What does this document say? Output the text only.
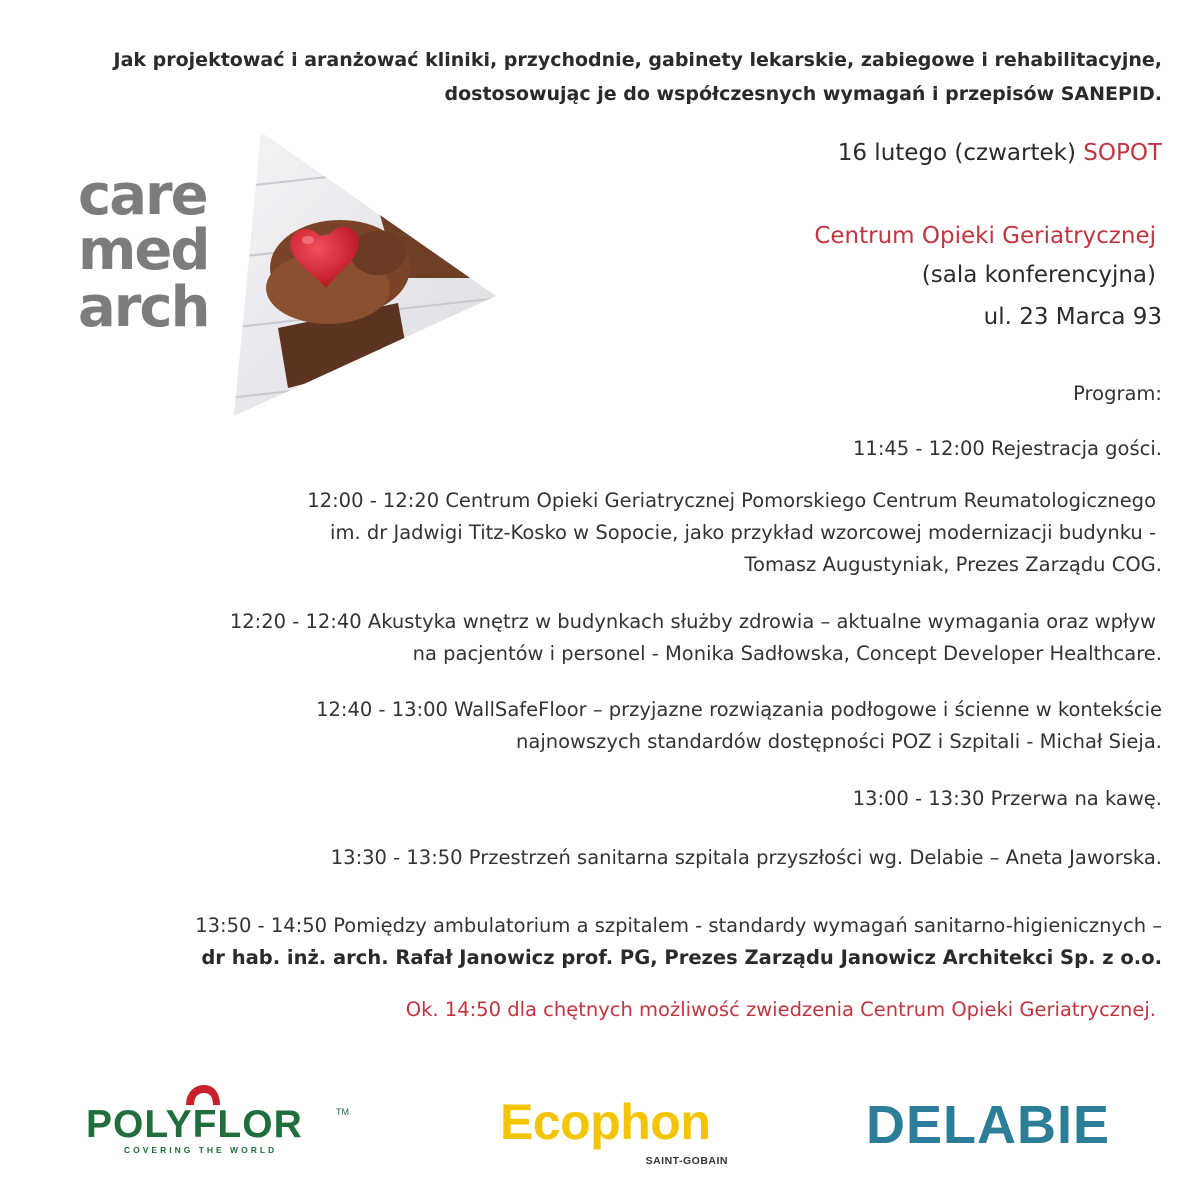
Jak projektować i aranżować kliniki, przychodnie, gabinety lekarskie, zabiegowe i rehabilitacyjne,
dostosowując je do współczesnych wymagań i przepisów SANEPID.
16 lutego (czwartek) SOPOT
Centrum Opieki Geriatrycznej
(sala konferencyjna)
ul. 23 Marca 93
care
med
arch
Program:
11:45 - 12:00 Rejestracja gości.
12:00 - 12:20 Centrum Opieki Geriatrycznej Pomorskiego Centrum Reumatologicznego
im. dr Jadwigi Titz-Kosko w Sopocie, jako przykład wzorcowej modernizacji budynku -
Tomasz Augustyniak, Prezes Zarządu COG.
12:20 - 12:40 Akustyka wnętrz w budynkach służby zdrowia – aktualne wymagania oraz wpływ
na pacjentów i personel - Monika Sadłowska, Concept Developer Healthcare.
12:40 - 13:00 WallSafeFloor – przyjazne rozwiązania podłogowe i ścienne w kontekście
najnowszych standardów dostępności POZ i Szpitali - Michał Sieja.
13:00 - 13:30 Przerwa na kawę.
13:30 - 13:50 Przestrzeń sanitarna szpitala przyszłości wg. Delabie – Aneta Jaworska.
13:50 - 14:50 Pomiędzy ambulatorium a szpitalem - standardy wymagań sanitarno-higienicznych –
dr hab. inż. arch. Rafał Janowicz prof. PG, Prezes Zarządu Janowicz Architekci Sp. z o.o.
Ok. 14:50 dla chętnych możliwość zwiedzenia Centrum Opieki Geriatrycznej.
POLYFLOR	TM
COVERING THE WORLD	Ecophon
SAINT-GOBAIN
DELABIE
